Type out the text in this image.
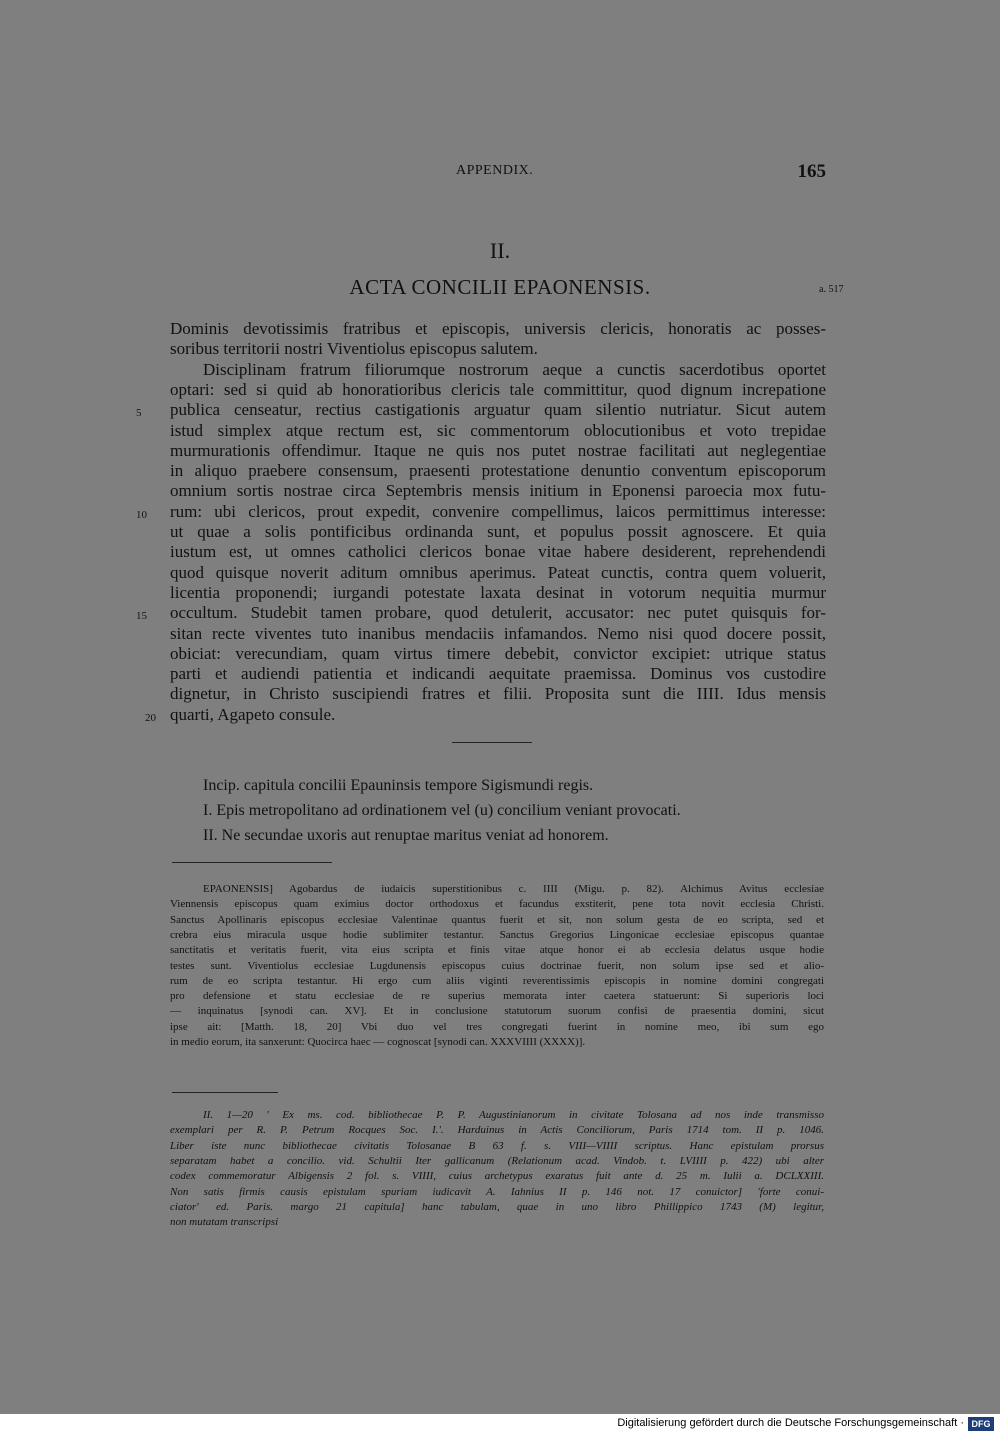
APPENDIX.	165
II.
ACTA CONCILII EPAONENSIS.	a. 517
Dominis devotissimis fratribus et episcopis, universis clericis, honoratis ac posses-
soribus territorii nostri Viventiolus episcopus salutem.
Disciplinam fratrum filiorumque nostrorum aeque a cunctis sacerdotibus oportet
optari: sed si quid ab honoratioribus clericis tale committitur, quod dignum increpatione
publica censeatur, rectius castigationis arguatur quam silentio nutriatur. Sicut autem
5
istud simplex atque rectum est, sic commentorum oblocutionibus et voto trepidae
murmurationis offendimur. Itaque ne quis nos putet nostrae facilitati aut neglegentiae
in aliquo praebere consensum, praesenti protestatione denuntio conventum episcoporum
omnium sortis nostrae circa Septembris mensis initium in Eponensi paroecia mox futu-
rum: ubi clericos, prout expedit, convenire compellimus, laicos permittimus interesse:
10
ut quae a solis pontificibus ordinanda sunt, et populus possit agnoscere. Et quia
iustum est, ut omnes catholici clericos bonae vitae habere desiderent, reprehendendi
quod quisque noverit aditum omnibus aperimus. Pateat cunctis, contra quem voluerit,
licentia proponendi; iurgandi potestate laxata desinat in votorum nequitia murmur
occultum. Studebit tamen probare, quod detulerit, accusator: nec putet quisquis for-
15
sitan recte viventes tuto inanibus mendaciis infamandos. Nemo nisi quod docere possit,
obiciat: verecundiam, quam virtus timere debebit, convictor excipiet: utrique status
parti et audiendi patientia et indicandi aequitate praemissa. Dominus vos custodire
dignetur, in Christo suscipiendi fratres et filii. Proposita sunt die IIII. Idus mensis
quarti, Agapeto consule.
20
Incip. capitula concilii Epauninsis tempore Sigismundi regis.
I. Epis metropolitano ad ordinationem vel (u) concilium veniant provocati.
II. Ne secundae uxoris aut renuptae maritus veniat ad honorem.
EPAONENSIS] Agobardus de iudaicis superstitionibus c. IIII (Migu. p. 82). Alchimus Avitus ecclesiae
Viennensis episcopus quam eximius doctor orthodoxus et facundus exstiterit, pene tota novit ecclesia Christi.
Sanctus Apollinaris episcopus ecclesiae Valentinae quantus fuerit et sit, non solum gesta de eo scripta, sed et
crebra eius miracula usque hodie sublimiter testantur. Sanctus Gregorius Lingonicae ecclesiae episcopus quantae
sanctitatis et veritatis fuerit, vita eius scripta et finis vitae atque honor ei ab ecclesia delatus usque hodie
testes sunt. Viventiolus ecclesiae Lugdunensis episcopus cuius doctrinae fuerit, non solum ipse sed et alio-
rum de eo scripta testantur. Hi ergo cum aliis viginti reverentissimis episcopis in nomine domini congregati
pro defensione et statu ecclesiae de re superius memorata inter caetera statuerunt: Si superioris loci
— inquinatus [synodi can. XV]. Et in conclusione statutorum suorum confisi de praesentia domini, sicut
ipse ait: [Matth. 18, 20] Vbi duo vel tres congregati fuerint in nomine meo, ibi sum ego
in medio eorum, ita sanxerunt: Quocirca haec — cognoscat [synodi can. XXXVIIII (XXXX)].
II. 1—20 ' Ex ms. cod. bibliothecae P. P. Augustinianorum in civitate Tolosana ad nos inde transmisso
exemplari per R. P. Petrum Rocques Soc. I.'. Harduinus in Actis Conciliorum, Paris 1714 tom. II p. 1046.
Liber iste nunc bibliothecae civitatis Tolosanae B 63 f. s. VIII—VIIII scriptus. Hanc epistulam prorsus
separatam habet a concilio. vid. Schultii Iter gallicanum (Relationum acad. Vindob. t. LVIIII p. 422) ubi alter
codex commemoratur Albigensis 2 fol. s. VIIII, cuius archetypus exaratus fuit ante d. 25 m. Iulii a. DCLXXIII.
Non satis firmis causis epistulam spuriam iudicavit A. Iahnius II p. 146 not. 17 conuictor] 'forte conui-
ciator' ed. Paris. margo 21 capitula] hanc tabulam, quae in uno libro Phillippico 1743 (M) legitur,
non mutatam transcripsi
Digitalisierung gefördert durch die Deutsche Forschungsgemeinschaft · DFG
